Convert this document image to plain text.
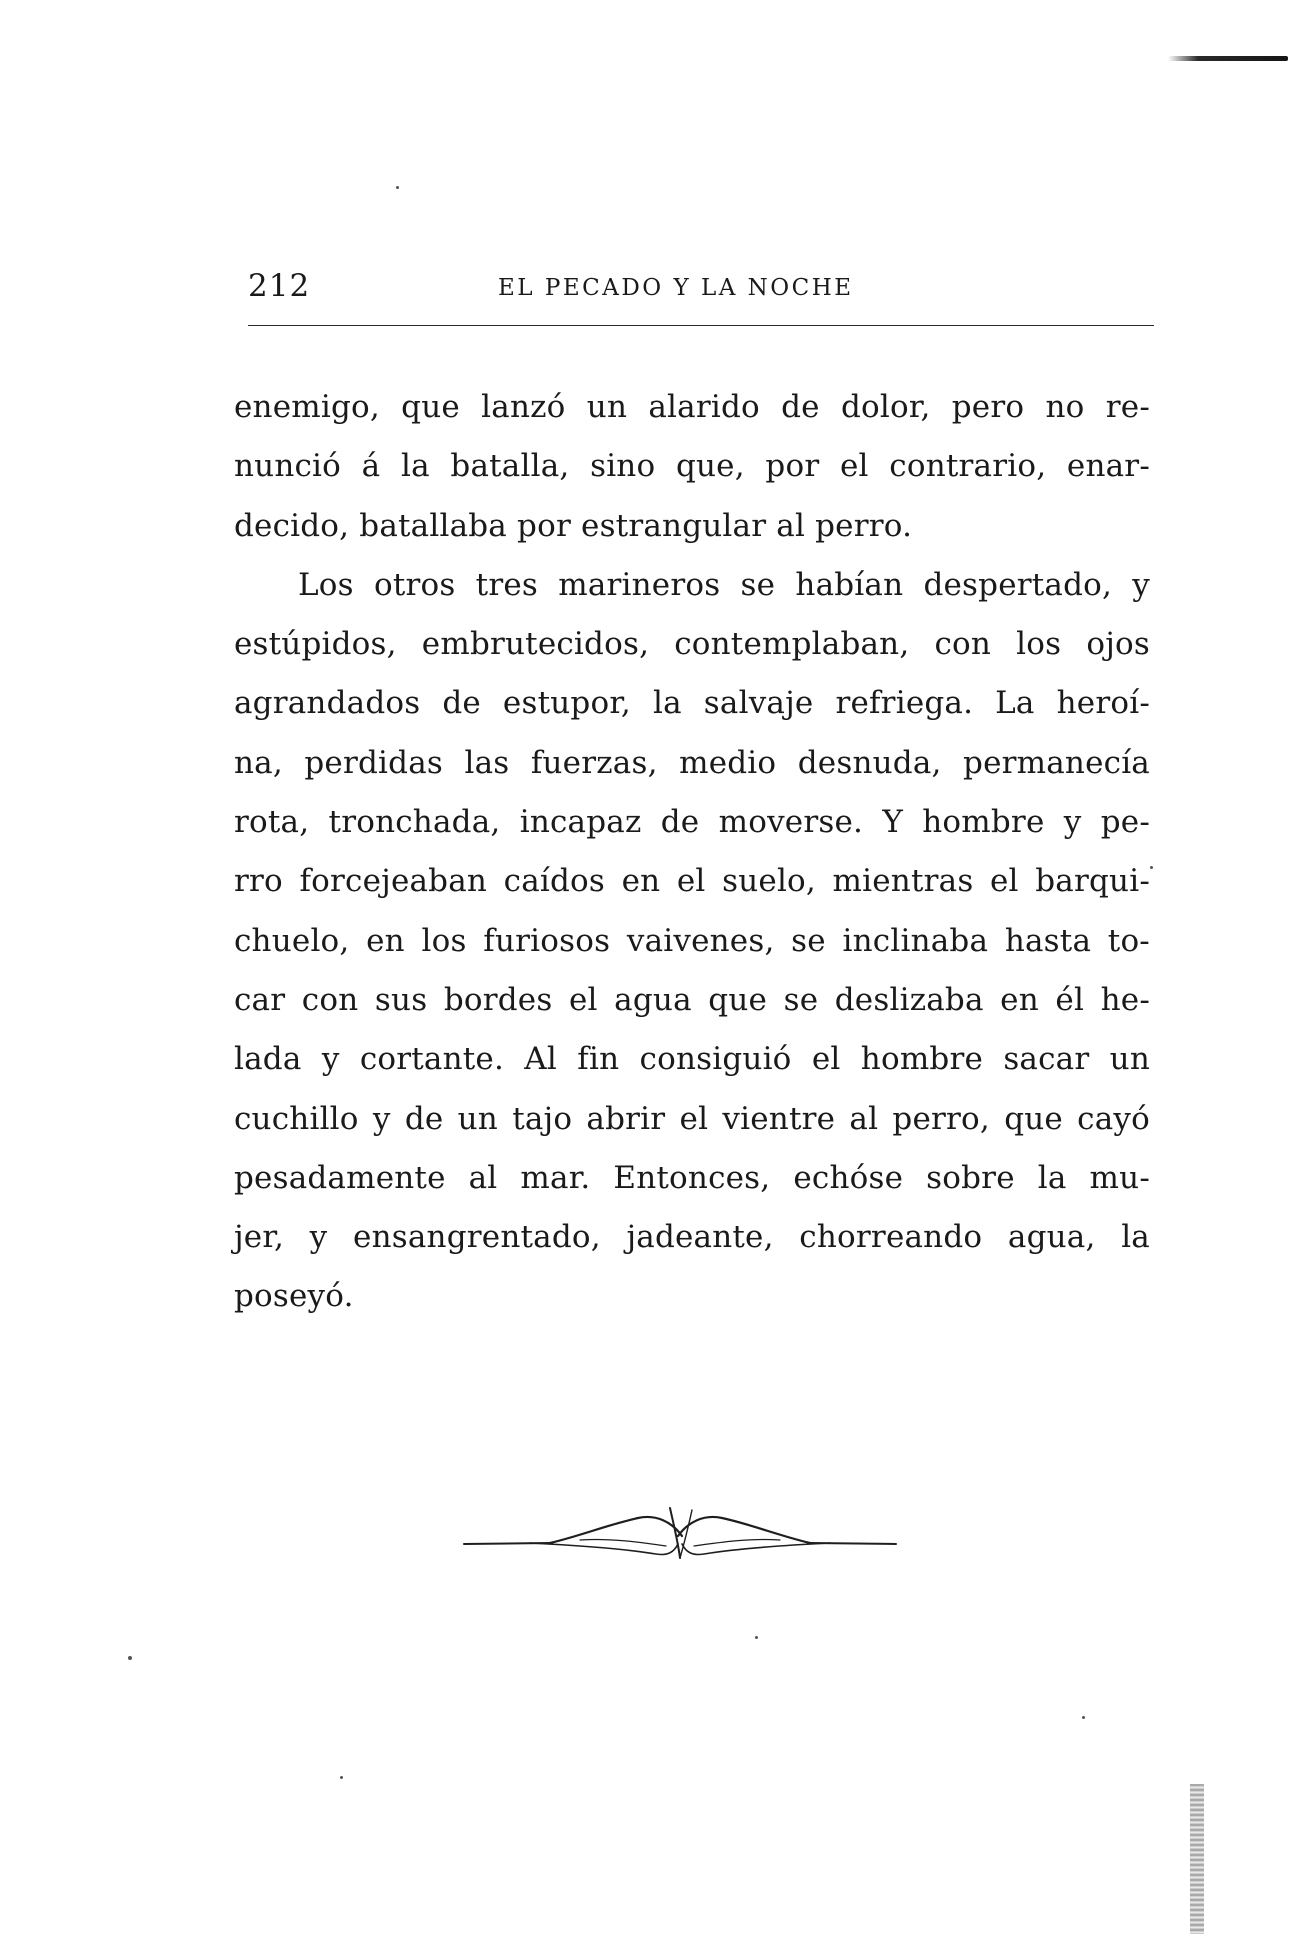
212	EL PECADO Y LA NOCHE
enemigo, que lanzó un alarido de dolor, pero no re-
nunció á la batalla, sino que, por el contrario, enar-
decido, batallaba por estrangular al perro.
Los otros tres marineros se habían despertado, y
estúpidos, embrutecidos, contemplaban, con los ojos
agrandados de estupor, la salvaje refriega. La heroí-
na, perdidas las fuerzas, medio desnuda, permanecía
rota, tronchada, incapaz de moverse. Y hombre y pe-
rro forcejeaban caídos en el suelo, mientras el barqui-
chuelo, en los furiosos vaivenes, se inclinaba hasta to-
car con sus bordes el agua que se deslizaba en él he-
lada y cortante. Al fin consiguió el hombre sacar un
cuchillo y de un tajo abrir el vientre al perro, que cayó
pesadamente al mar. Entonces, echóse sobre la mu-
jer, y ensangrentado, jadeante, chorreando agua, la
poseyó.
